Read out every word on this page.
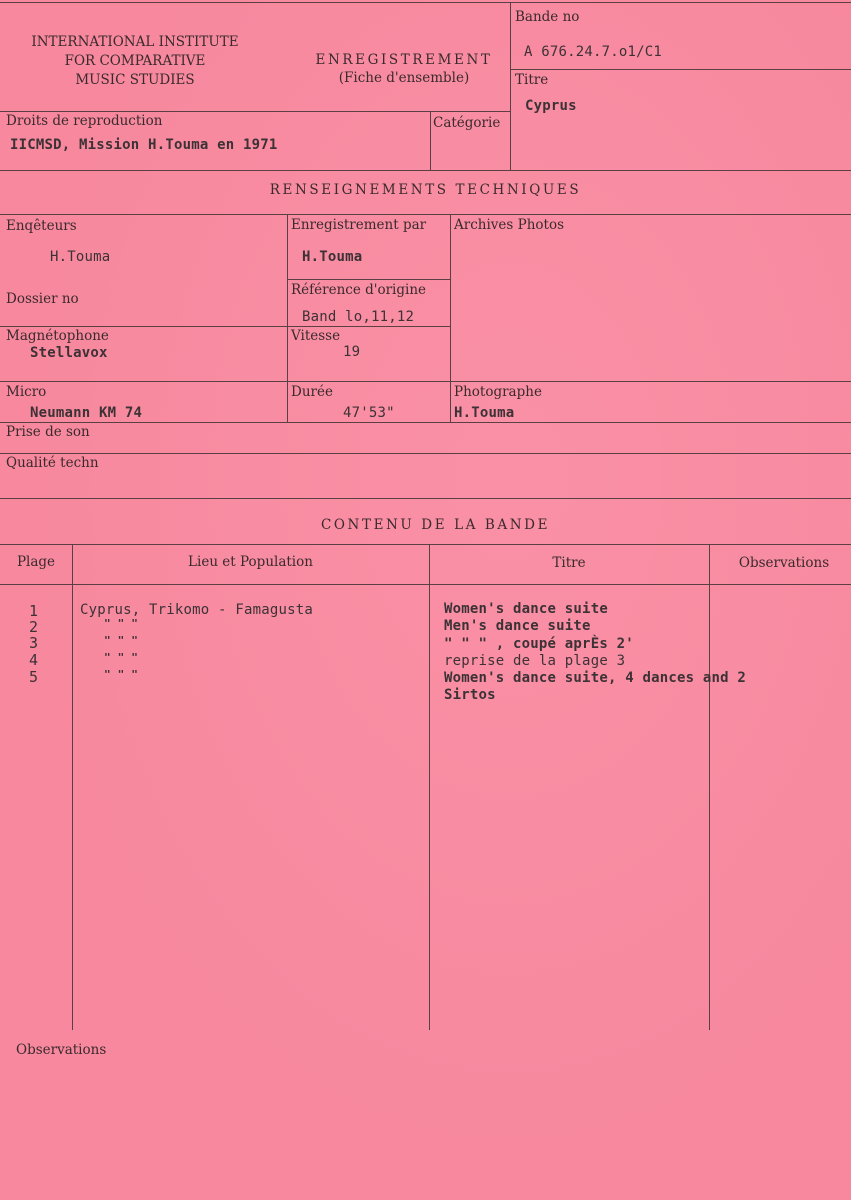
INTERNATIONAL INSTITUTE
FOR COMPARATIVE
MUSIC STUDIES
ENREGISTREMENT
(Fiche d'ensemble)
Bande no
A 676.24.7.o1/C1
Titre
Cyprus
Droits de reproduction
IICMSD, Mission H.Touma en 1971
Catégorie
RENSEIGNEMENTS TECHNIQUES
Enqêteurs
H.Touma
Enregistrement par
H.Touma
Archives Photos
Dossier no
Référence d'origine
Band lo,11,12
Magnétophone
Stellavox
Vitesse
19
Micro
Neumann KM 74
Durée
47'53"
Photographe
H.Touma
Prise de son
Qualité techn
CONTENU DE LA BANDE
Plage	Lieu et Population	Titre	Observations
1	Cyprus, Trikomo - Famagusta	Women's dance suite
2	" " "	Men's dance suite
3	" " "	" " " , coupé aprÈs 2'
4	" " "	reprise de la plage 3
5	" " "	Women's dance suite, 4 dances and 2
Sirtos
Observations
